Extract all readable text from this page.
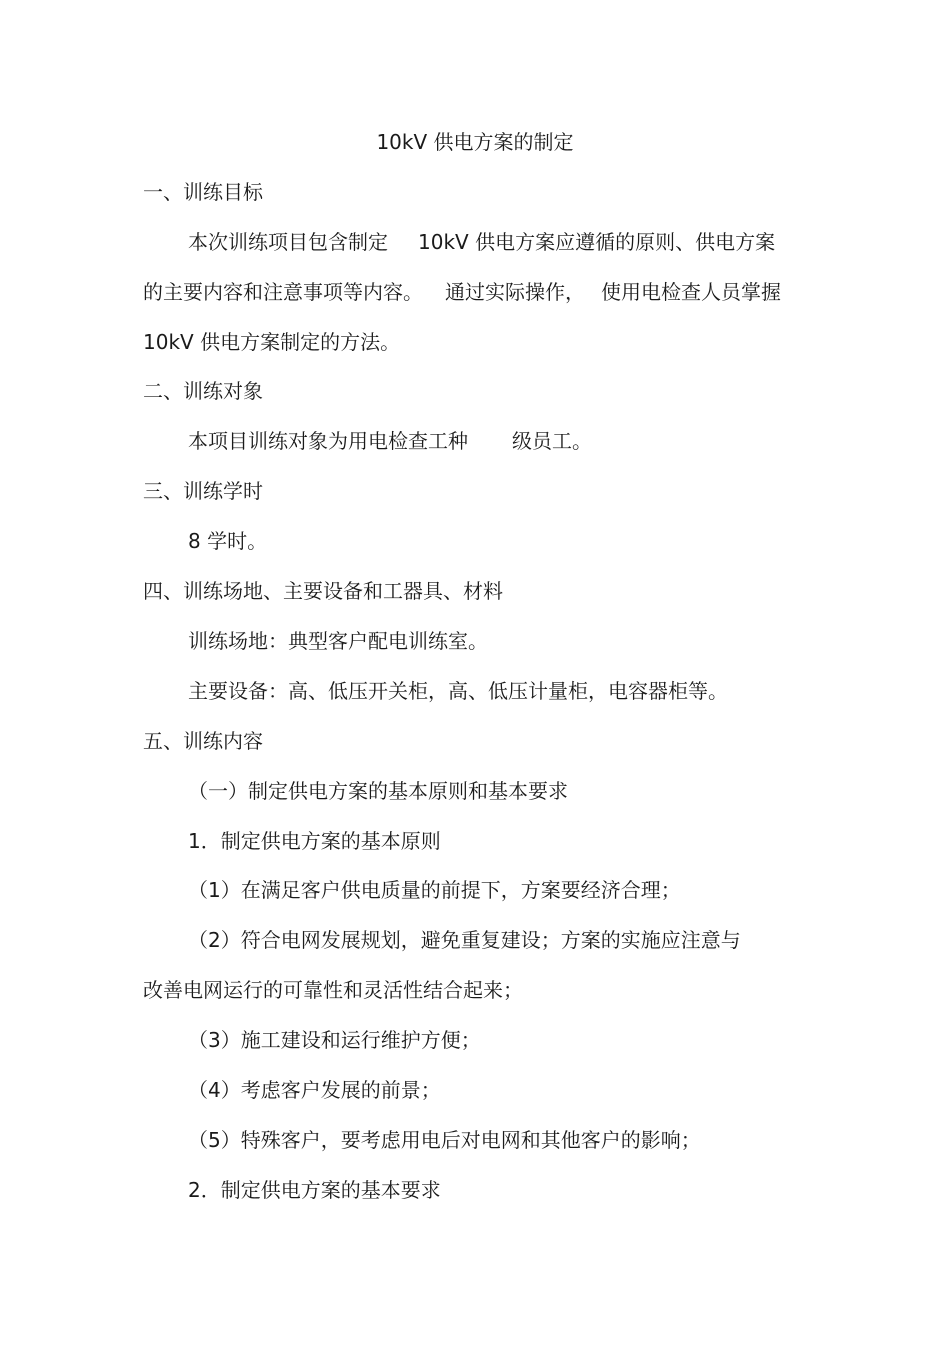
10kV 供电方案的制定
一、训练目标
本次训练项目包含制定 10kV 供电方案应遵循的原则、供电方案
的主要内容和注意事项等内容。 通过实际操作， 使用电检查人员掌握
10kV 供电方案制定的方法。
二、训练对象
本项目训练对象为用电检查工种 级员工。
三、训练学时
8 学时。
四、训练场地、主要设备和工器具、材料
训练场地：典型客户配电训练室。
主要设备：高、低压开关柜，高、低压计量柜，电容器柜等。
五、训练内容
（一）制定供电方案的基本原则和基本要求
1．制定供电方案的基本原则
（1）在满足客户供电质量的前提下，方案要经济合理；
（2）符合电网发展规划，避免重复建设；方案的实施应注意与
改善电网运行的可靠性和灵活性结合起来；
（3）施工建设和运行维护方便；
（4）考虑客户发展的前景；
（5）特殊客户，要考虑用电后对电网和其他客户的影响；
2．制定供电方案的基本要求
